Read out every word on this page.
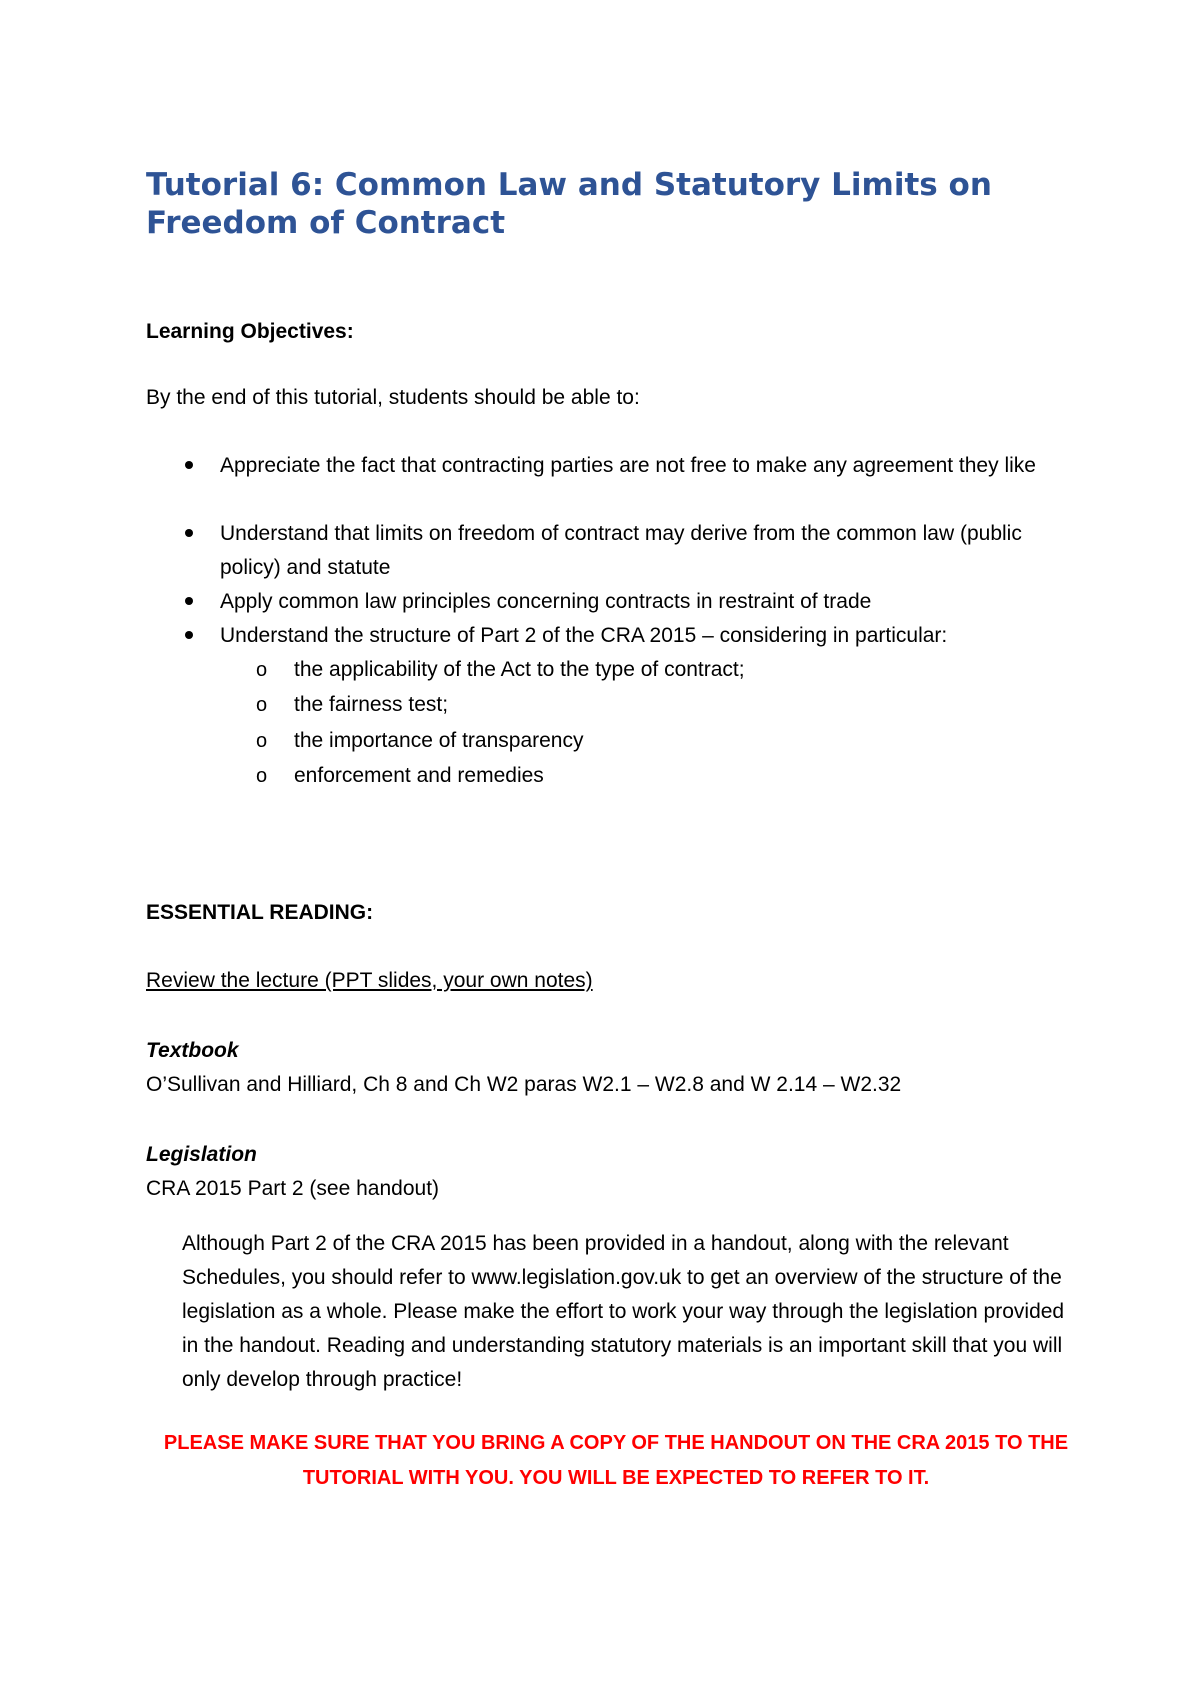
Tutorial 6: Common Law and Statutory Limits on Freedom of Contract

Learning Objectives:

By the end of this tutorial, students should be able to:

Appreciate the fact that contracting parties are not free to make any agreement they like

Understand that limits on freedom of contract may derive from the common law (public policy) and statute

Apply common law principles concerning contracts in restraint of trade

Understand the structure of Part 2 of the CRA 2015 – considering in particular:

o the applicability of the Act to the type of contract;

o the fairness test;

o the importance of transparency

o enforcement and remedies

ESSENTIAL READING:

Review the lecture (PPT slides, your own notes)

Textbook

O’Sullivan and Hilliard, Ch 8 and Ch W2 paras W2.1 – W2.8 and W 2.14 – W2.32

Legislation

CRA 2015 Part 2 (see handout)

Although Part 2 of the CRA 2015 has been provided in a handout, along with the relevant Schedules, you should refer to www.legislation.gov.uk to get an overview of the structure of the legislation as a whole. Please make the effort to work your way through the legislation provided in the handout. Reading and understanding statutory materials is an important skill that you will only develop through practice!

PLEASE MAKE SURE THAT YOU BRING A COPY OF THE HANDOUT ON THE CRA 2015 TO THE TUTORIAL WITH YOU. YOU WILL BE EXPECTED TO REFER TO IT.
